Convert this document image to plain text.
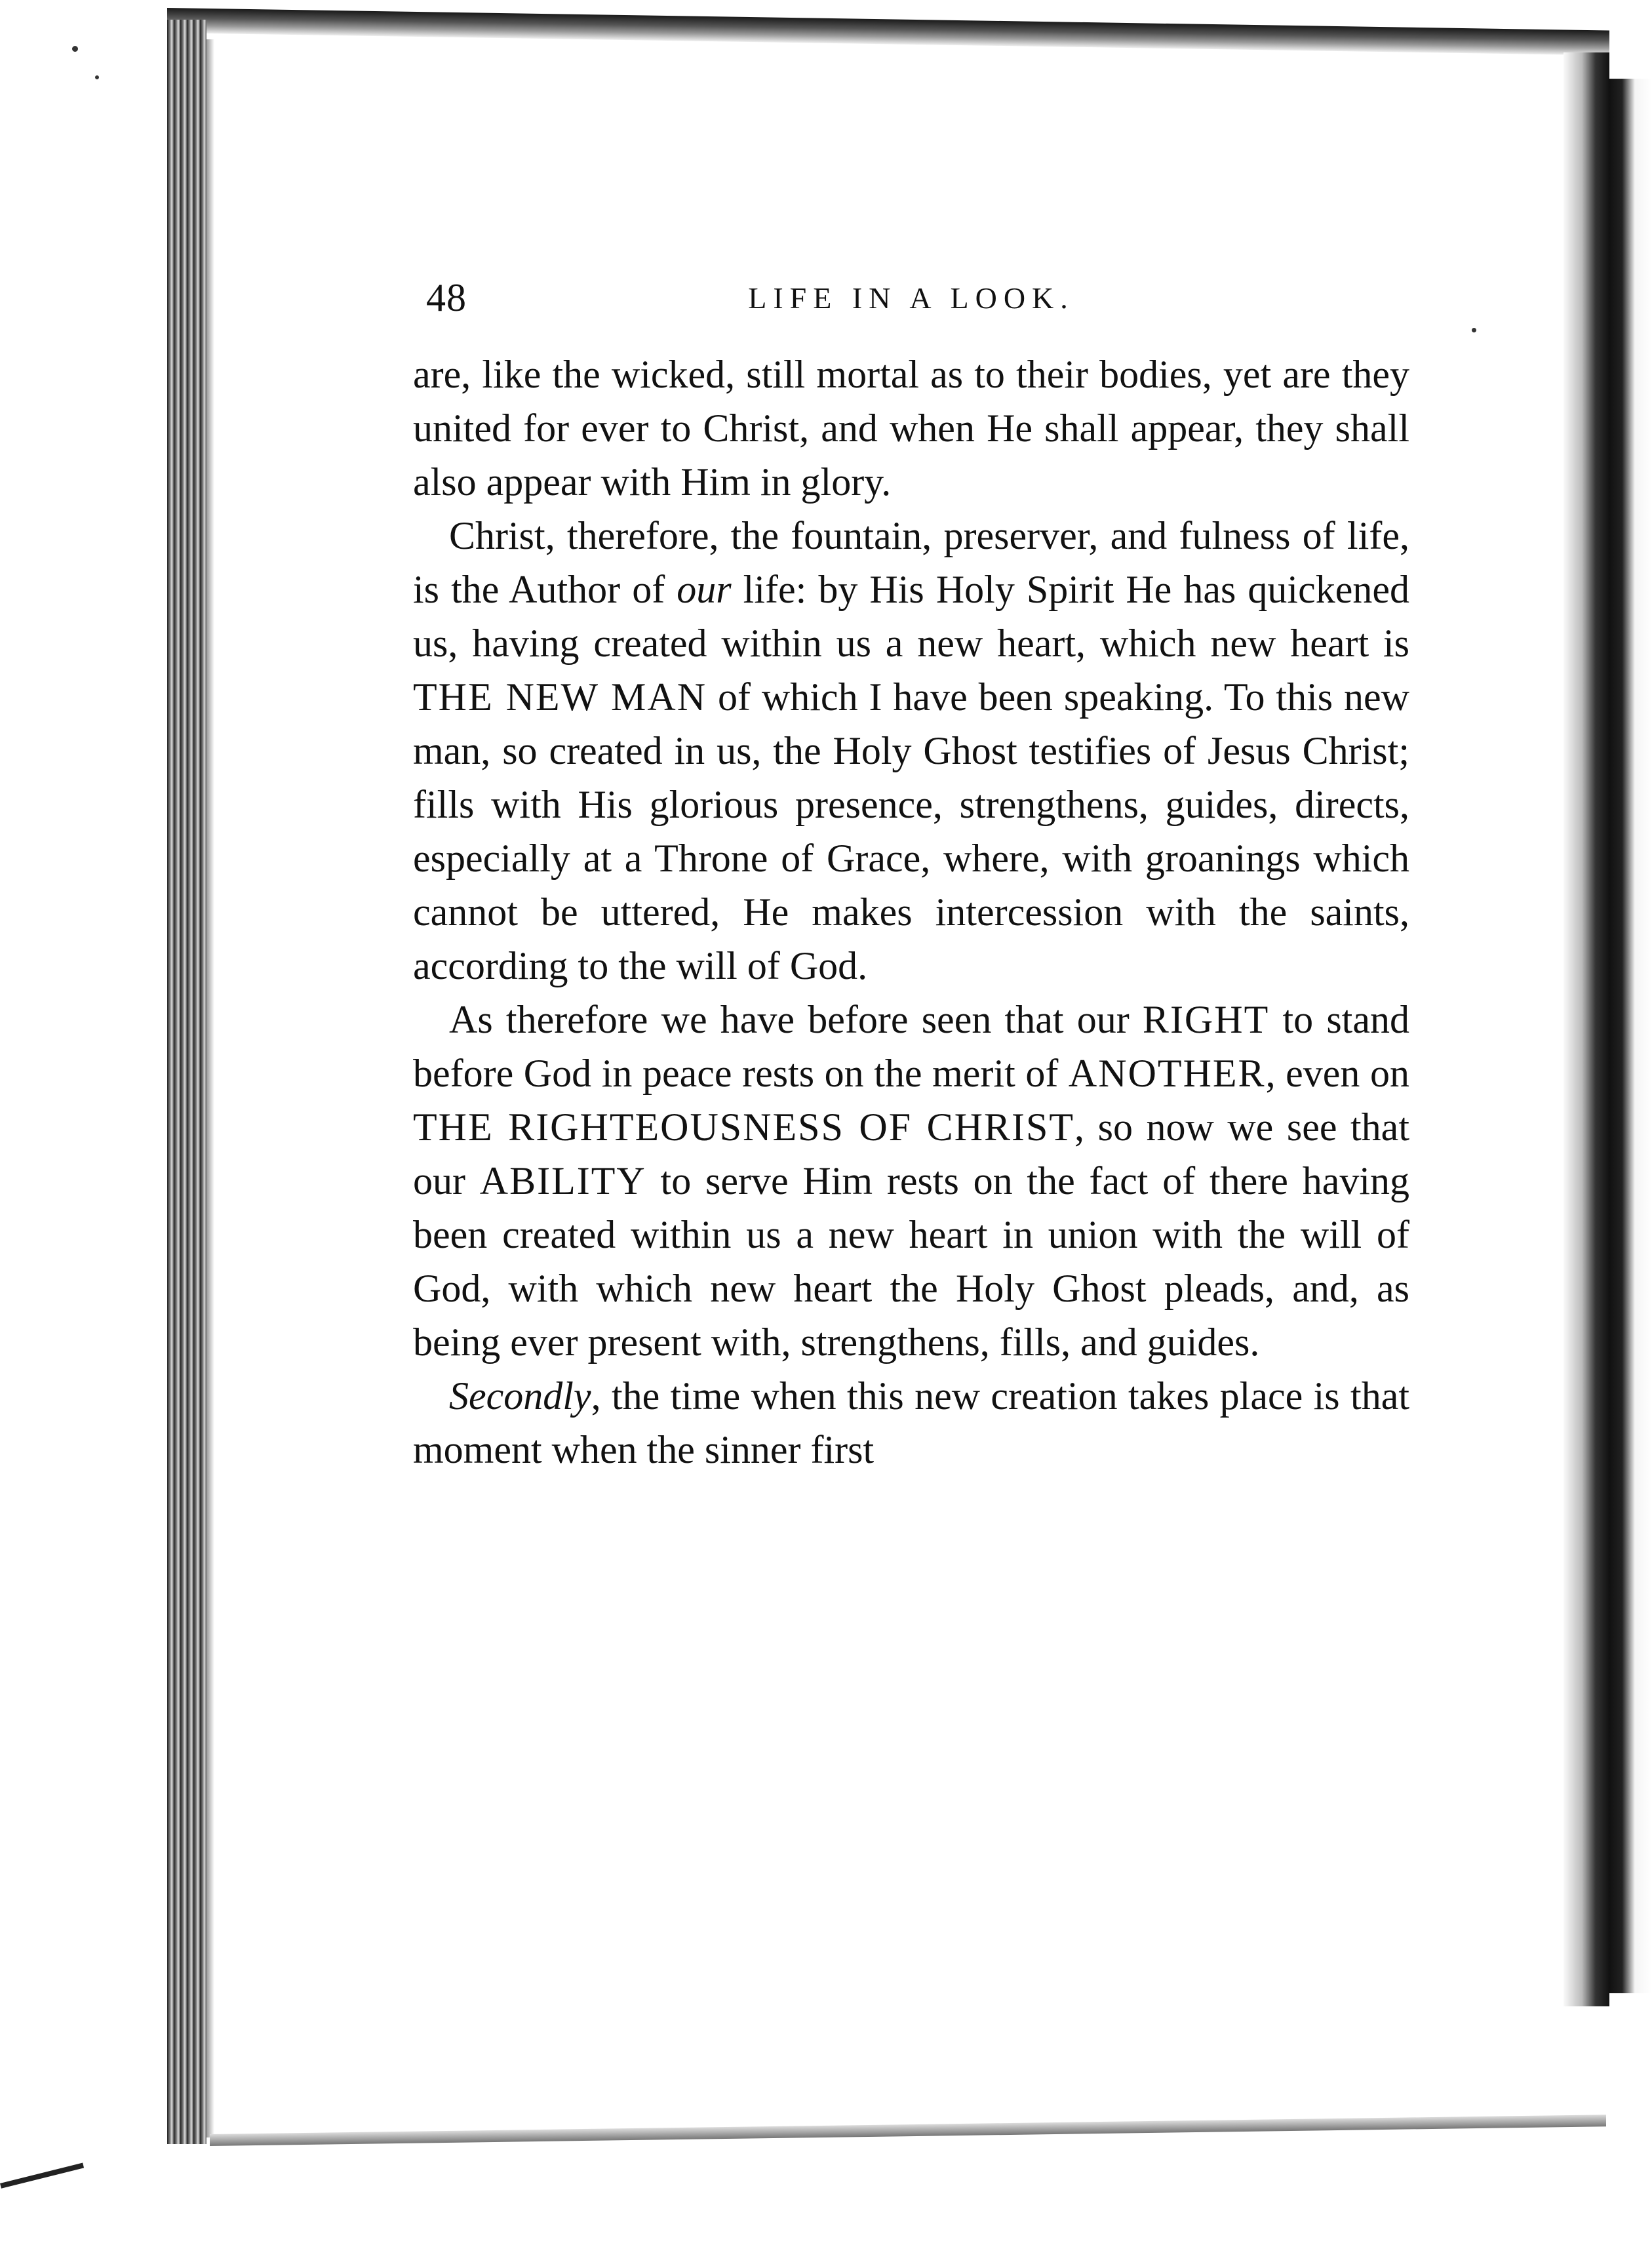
48	LIFE IN A LOOK.

are, like the wicked, still mortal as to their bodies, yet are they united for ever to Christ, and when He shall appear, they shall also appear with Him in glory.

Christ, therefore, the fountain, preserver, and fulness of life, is the Author of our life: by His Holy Spirit He has quickened us, having created within us a new heart, which new heart is THE NEW MAN of which I have been speaking. To this new man, so created in us, the Holy Ghost testifies of Jesus Christ; fills with His glorious presence, strengthens, guides, directs, especially at a Throne of Grace, where, with groanings which cannot be uttered, He makes intercession with the saints, according to the will of God.

As therefore we have before seen that our RIGHT to stand before God in peace rests on the merit of ANOTHER, even on THE RIGHTEOUSNESS OF CHRIST, so now we see that our ABILITY to serve Him rests on the fact of there having been created within us a new heart in union with the will of God, with which new heart the Holy Ghost pleads, and, as being ever present with, strengthens, fills, and guides.

Secondly, the time when this new creation takes place is that moment when the sinner first
